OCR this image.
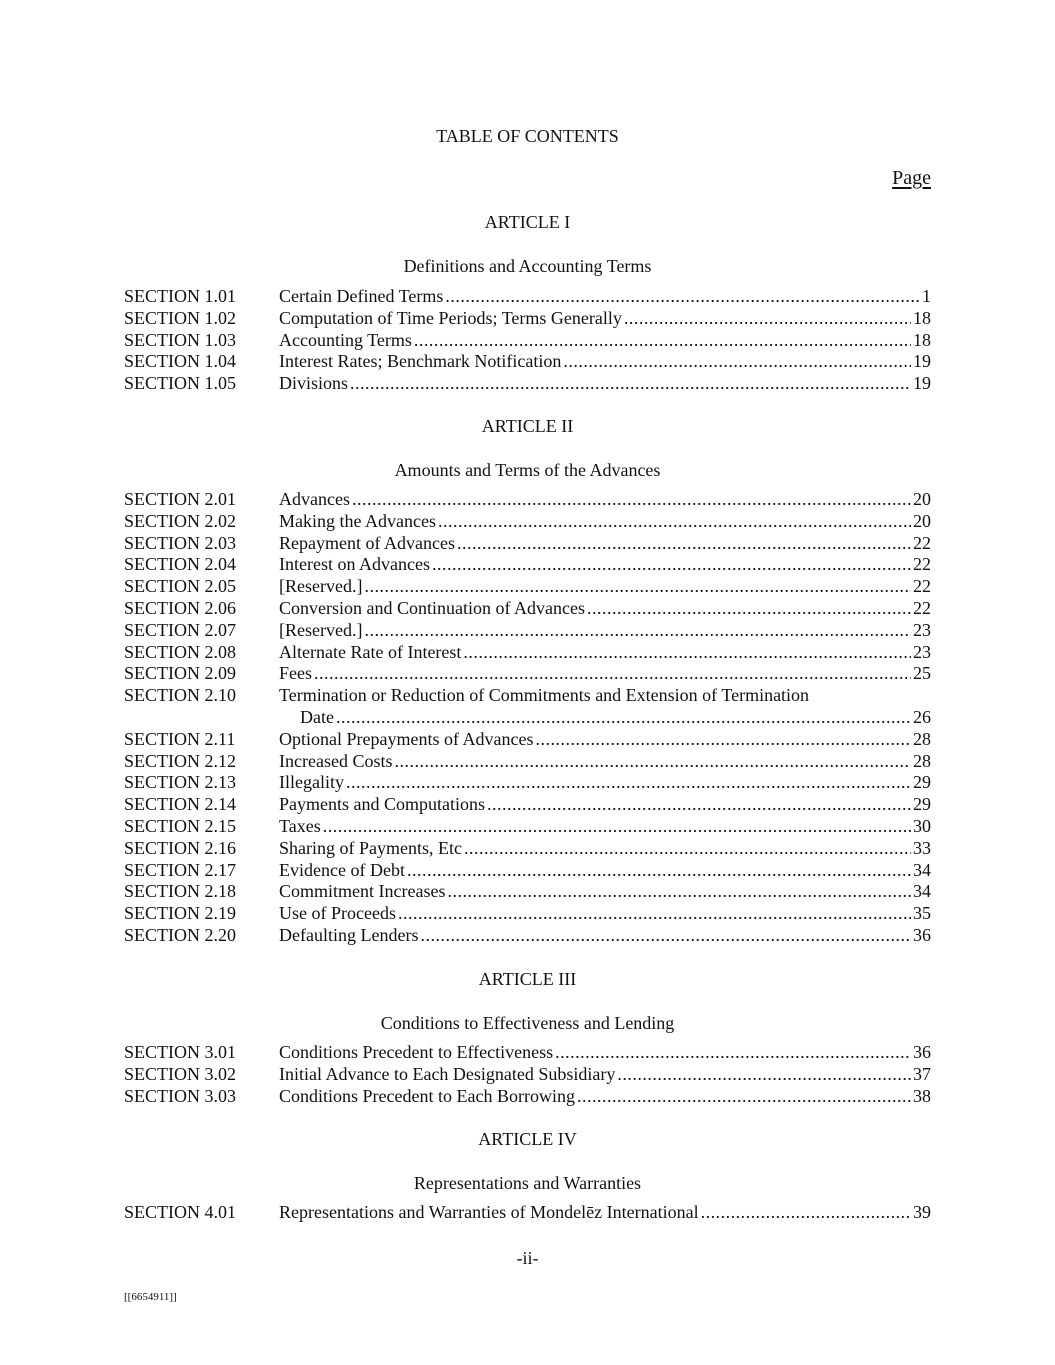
TABLE OF CONTENTS
Page
ARTICLE I
Definitions and Accounting Terms
SECTION 1.01 Certain Defined Terms .....	1
SECTION 1.02 Computation of Time Periods; Terms Generally .....	18
SECTION 1.03 Accounting Terms .....	18
SECTION 1.04 Interest Rates; Benchmark Notification .....	19
SECTION 1.05 Divisions .....	19
ARTICLE II
Amounts and Terms of the Advances
SECTION 2.01 Advances .....	20
SECTION 2.02 Making the Advances .....	20
SECTION 2.03 Repayment of Advances .....	22
SECTION 2.04 Interest on Advances .....	22
SECTION 2.05 [Reserved.] .....	22
SECTION 2.06 Conversion and Continuation of Advances .....	22
SECTION 2.07 [Reserved.] .....	23
SECTION 2.08 Alternate Rate of Interest .....	23
SECTION 2.09 Fees .....	25
SECTION 2.10 Termination or Reduction of Commitments and Extension of Termination
Date .....	26
SECTION 2.11 Optional Prepayments of Advances .....	28
SECTION 2.12 Increased Costs .....	28
SECTION 2.13 Illegality .....	29
SECTION 2.14 Payments and Computations .....	29
SECTION 2.15 Taxes .....	30
SECTION 2.16 Sharing of Payments, Etc .....	33
SECTION 2.17 Evidence of Debt .....	34
SECTION 2.18 Commitment Increases .....	34
SECTION 2.19 Use of Proceeds .....	35
SECTION 2.20 Defaulting Lenders .....	36
ARTICLE III
Conditions to Effectiveness and Lending
SECTION 3.01 Conditions Precedent to Effectiveness .....	36
SECTION 3.02 Initial Advance to Each Designated Subsidiary .....	37
SECTION 3.03 Conditions Precedent to Each Borrowing .....	38
ARTICLE IV
Representations and Warranties
SECTION 4.01 Representations and Warranties of Mondelēz International .....	39
-ii-
[[6654911]]
